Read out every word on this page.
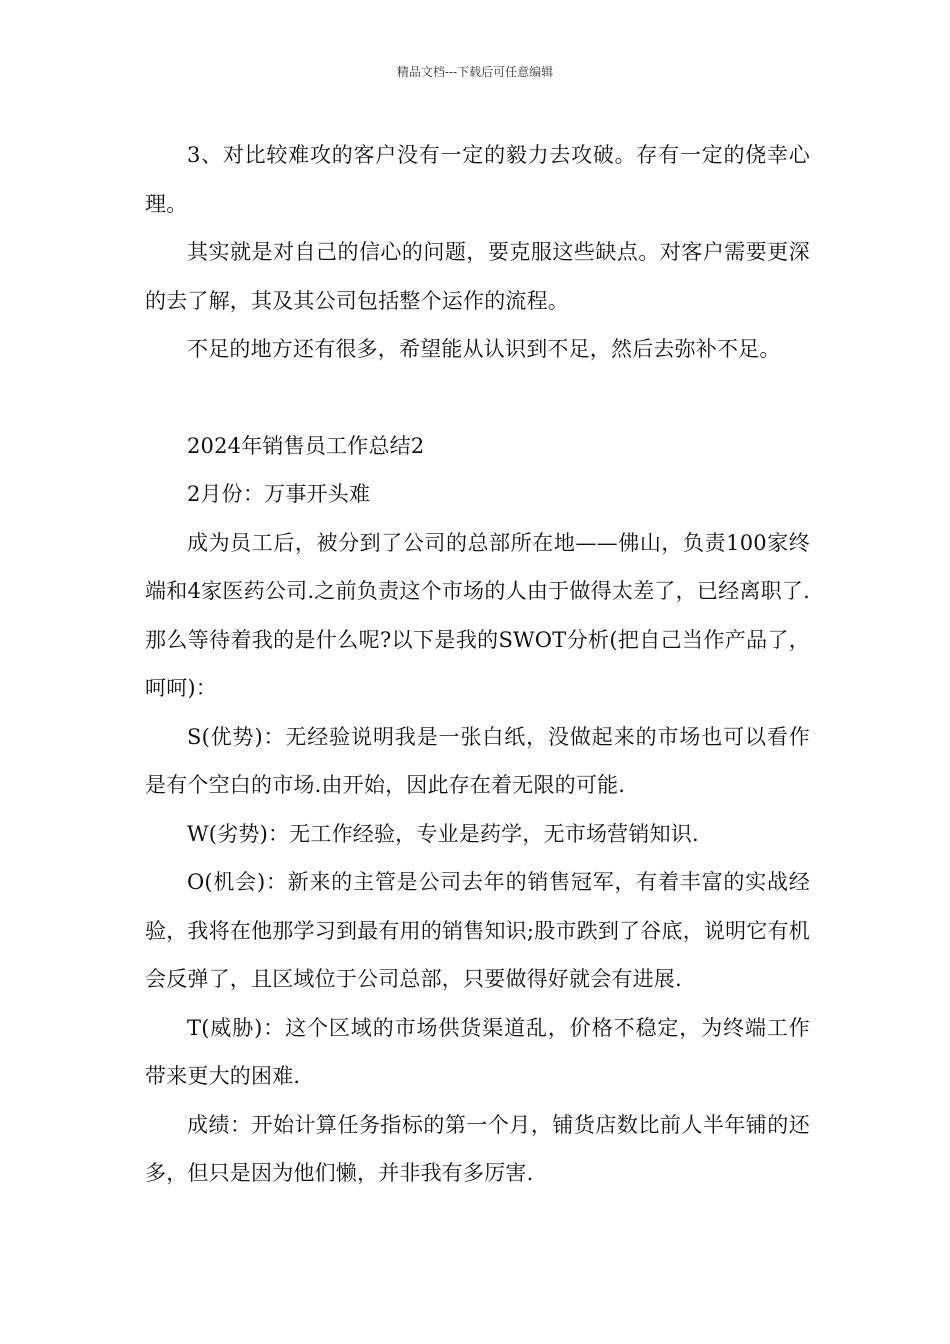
精品文档---下载后可任意编辑

3、对比较难攻的客户没有一定的毅力去攻破。存有一定的侥幸心理。

其实就是对自己的信心的问题，要克服这些缺点。对客户需要更深的去了解，其及其公司包括整个运作的流程。

不足的地方还有很多，希望能从认识到不足，然后去弥补不足。

2024年销售员工作总结2

2月份：万事开头难

成为员工后，被分到了公司的总部所在地——佛山，负责100家终端和4家医药公司.之前负责这个市场的人由于做得太差了，已经离职了.那么等待着我的是什么呢?以下是我的SWOT分析(把自己当作产品了，呵呵)：

S(优势)：无经验说明我是一张白纸，没做起来的市场也可以看作是有个空白的市场.由开始，因此存在着无限的可能.

W(劣势)：无工作经验，专业是药学，无市场营销知识.

O(机会)：新来的主管是公司去年的销售冠军，有着丰富的实战经验，我将在他那学习到最有用的销售知识;股市跌到了谷底，说明它有机会反弹了，且区域位于公司总部，只要做得好就会有进展.

T(威胁)：这个区域的市场供货渠道乱，价格不稳定，为终端工作带来更大的困难.

成绩：开始计算任务指标的第一个月，铺货店数比前人半年铺的还多，但只是因为他们懒，并非我有多厉害.
